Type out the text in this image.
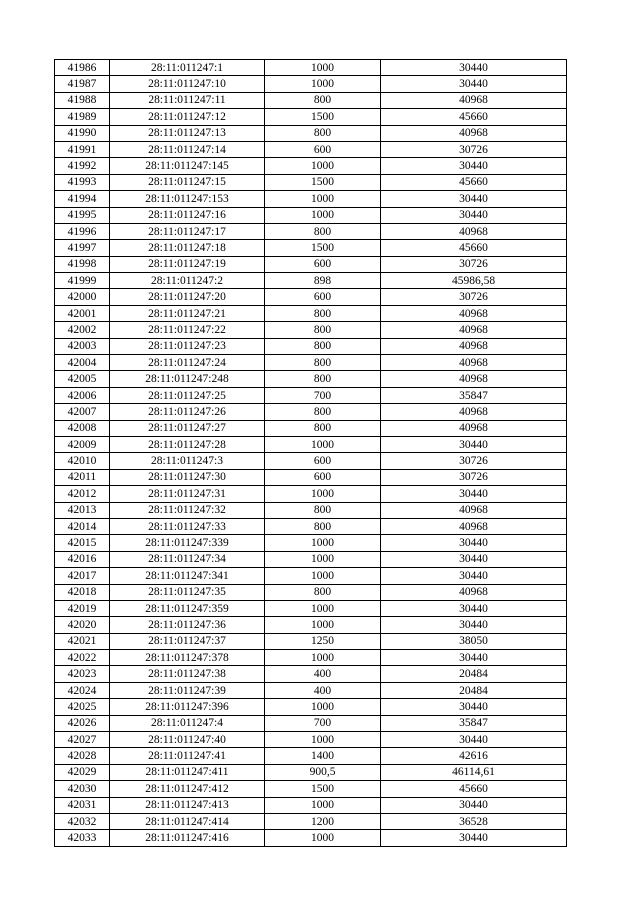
41986	28:11:011247:1	1000	30440
41987	28:11:011247:10	1000	30440
41988	28:11:011247:11	800	40968
41989	28:11:011247:12	1500	45660
41990	28:11:011247:13	800	40968
41991	28:11:011247:14	600	30726
41992	28:11:011247:145	1000	30440
41993	28:11:011247:15	1500	45660
41994	28:11:011247:153	1000	30440
41995	28:11:011247:16	1000	30440
41996	28:11:011247:17	800	40968
41997	28:11:011247:18	1500	45660
41998	28:11:011247:19	600	30726
41999	28:11:011247:2	898	45986,58
42000	28:11:011247:20	600	30726
42001	28:11:011247:21	800	40968
42002	28:11:011247:22	800	40968
42003	28:11:011247:23	800	40968
42004	28:11:011247:24	800	40968
42005	28:11:011247:248	800	40968
42006	28:11:011247:25	700	35847
42007	28:11:011247:26	800	40968
42008	28:11:011247:27	800	40968
42009	28:11:011247:28	1000	30440
42010	28:11:011247:3	600	30726
42011	28:11:011247:30	600	30726
42012	28:11:011247:31	1000	30440
42013	28:11:011247:32	800	40968
42014	28:11:011247:33	800	40968
42015	28:11:011247:339	1000	30440
42016	28:11:011247:34	1000	30440
42017	28:11:011247:341	1000	30440
42018	28:11:011247:35	800	40968
42019	28:11:011247:359	1000	30440
42020	28:11:011247:36	1000	30440
42021	28:11:011247:37	1250	38050
42022	28:11:011247:378	1000	30440
42023	28:11:011247:38	400	20484
42024	28:11:011247:39	400	20484
42025	28:11:011247:396	1000	30440
42026	28:11:011247:4	700	35847
42027	28:11:011247:40	1000	30440
42028	28:11:011247:41	1400	42616
42029	28:11:011247:411	900,5	46114,61
42030	28:11:011247:412	1500	45660
42031	28:11:011247:413	1000	30440
42032	28:11:011247:414	1200	36528
42033	28:11:011247:416	1000	30440
